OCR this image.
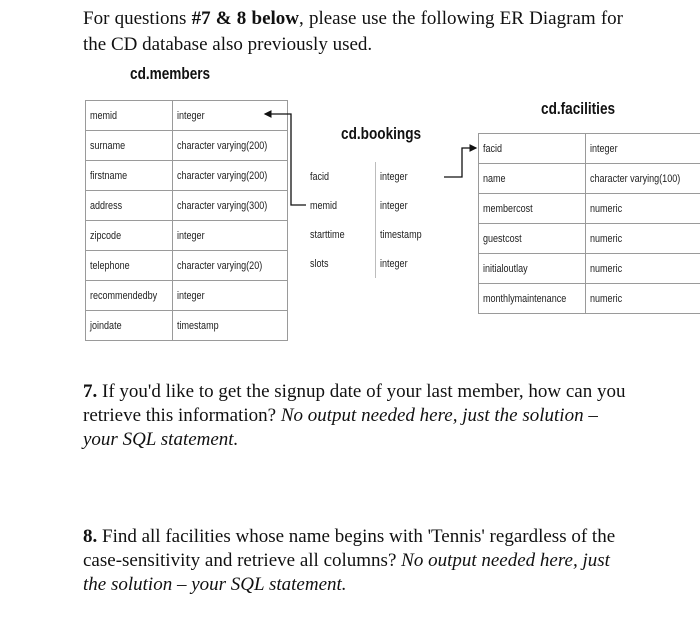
For questions #7 & 8 below, please use the following ER Diagram for the CD database also previously used.
cd.members
memid	integer
surname	character varying(200)
firstname	character varying(200)
address	character varying(300)
zipcode	integer
telephone	character varying(20)
recommendedby	integer
joindate	timestamp
cd.bookings
facid	integer
memid	integer
starttime	timestamp
slots	integer
cd.facilities
facid	integer
name	character varying(100)
membercost	numeric
guestcost	numeric
initialoutlay	numeric
monthlymaintenance	numeric
7. If you'd like to get the signup date of your last member, how can you retrieve this information? No output needed here, just the solution – your SQL statement.
8. Find all facilities whose name begins with 'Tennis' regardless of the case-sensitivity and retrieve all columns? No output needed here, just the solution – your SQL statement.
